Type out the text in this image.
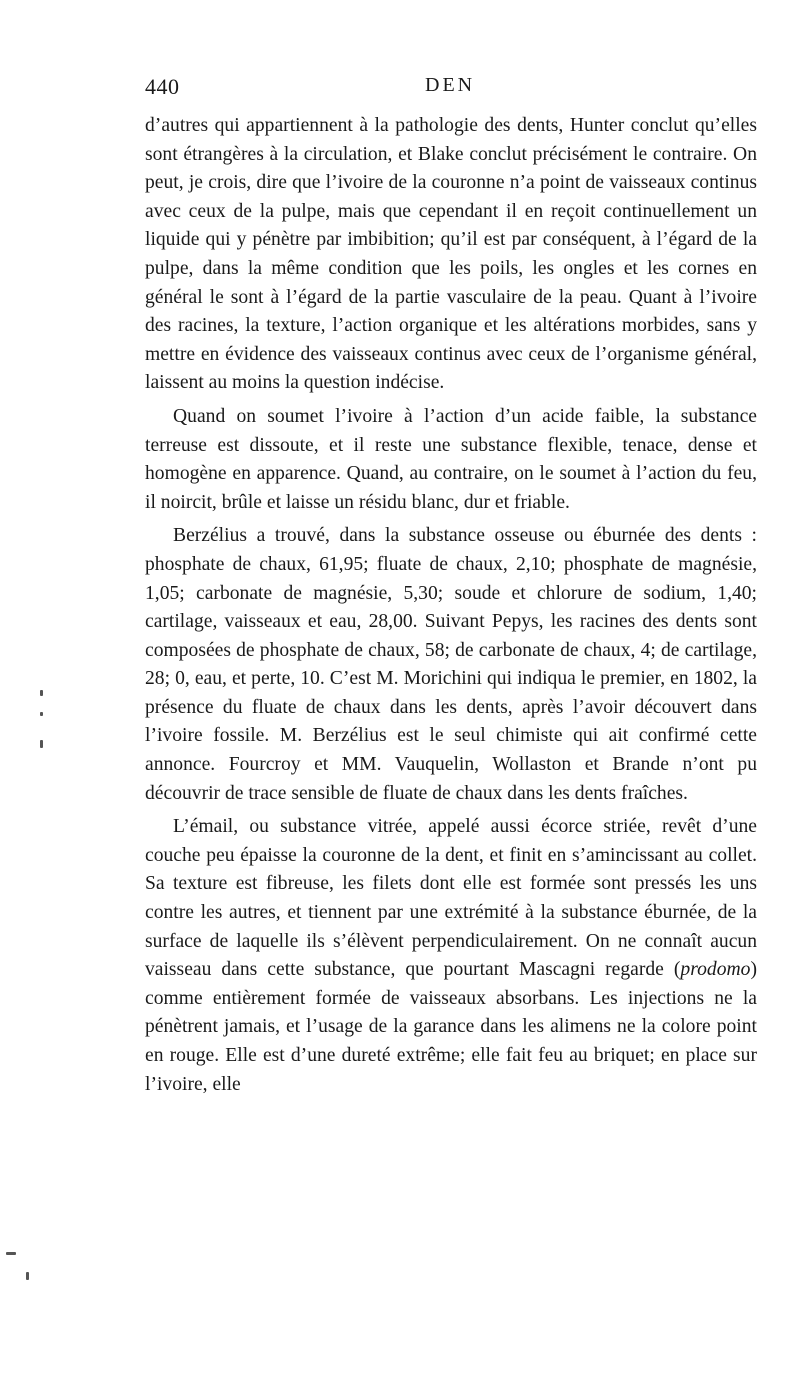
440	DEN

d’autres qui appartiennent à la pathologie des dents, Hunter conclut qu’elles sont étrangères à la circulation, et Blake conclut précisément le contraire. On peut, je crois, dire que l’ivoire de la couronne n’a point de vaisseaux continus avec ceux de la pulpe, mais que cependant il en reçoit continuellement un liquide qui y pénètre par imbibition; qu’il est par conséquent, à l’égard de la pulpe, dans la même condition que les poils, les ongles et les cornes en général le sont à l’égard de la partie vasculaire de la peau. Quant à l’ivoire des racines, la texture, l’action organique et les altérations morbides, sans y mettre en évidence des vaisseaux continus avec ceux de l’organisme général, laissent au moins la question indécise.

Quand on soumet l’ivoire à l’action d’un acide faible, la substance terreuse est dissoute, et il reste une substance flexible, tenace, dense et homogène en apparence. Quand, au contraire, on le soumet à l’action du feu, il noircit, brûle et laisse un résidu blanc, dur et friable.

Berzélius a trouvé, dans la substance osseuse ou éburnée des dents : phosphate de chaux, 61,95; fluate de chaux, 2,10; phosphate de magnésie, 1,05; carbonate de magnésie, 5,30; soude et chlorure de sodium, 1,40; cartilage, vaisseaux et eau, 28,00. Suivant Pepys, les racines des dents sont composées de phosphate de chaux, 58; de carbonate de chaux, 4; de cartilage, 28; 0, eau, et perte, 10. C’est M. Morichini qui indiqua le premier, en 1802, la présence du fluate de chaux dans les dents, après l’avoir découvert dans l’ivoire fossile. M. Berzélius est le seul chimiste qui ait confirmé cette annonce. Fourcroy et MM. Vauquelin, Wollaston et Brande n’ont pu découvrir de trace sensible de fluate de chaux dans les dents fraîches.

L’émail, ou substance vitrée, appelé aussi écorce striée, revêt d’une couche peu épaisse la couronne de la dent, et finit en s’amincissant au collet. Sa texture est fibreuse, les filets dont elle est formée sont pressés les uns contre les autres, et tiennent par une extrémité à la substance éburnée, de la surface de laquelle ils s’élèvent perpendiculairement. On ne connaît aucun vaisseau dans cette substance, que pourtant Mascagni regarde (prodomo) comme entièrement formée de vaisseaux absorbans. Les injections ne la pénètrent jamais, et l’usage de la garance dans les alimens ne la colore point en rouge. Elle est d’une dureté extrême; elle fait feu au briquet; en place sur l’ivoire, elle
